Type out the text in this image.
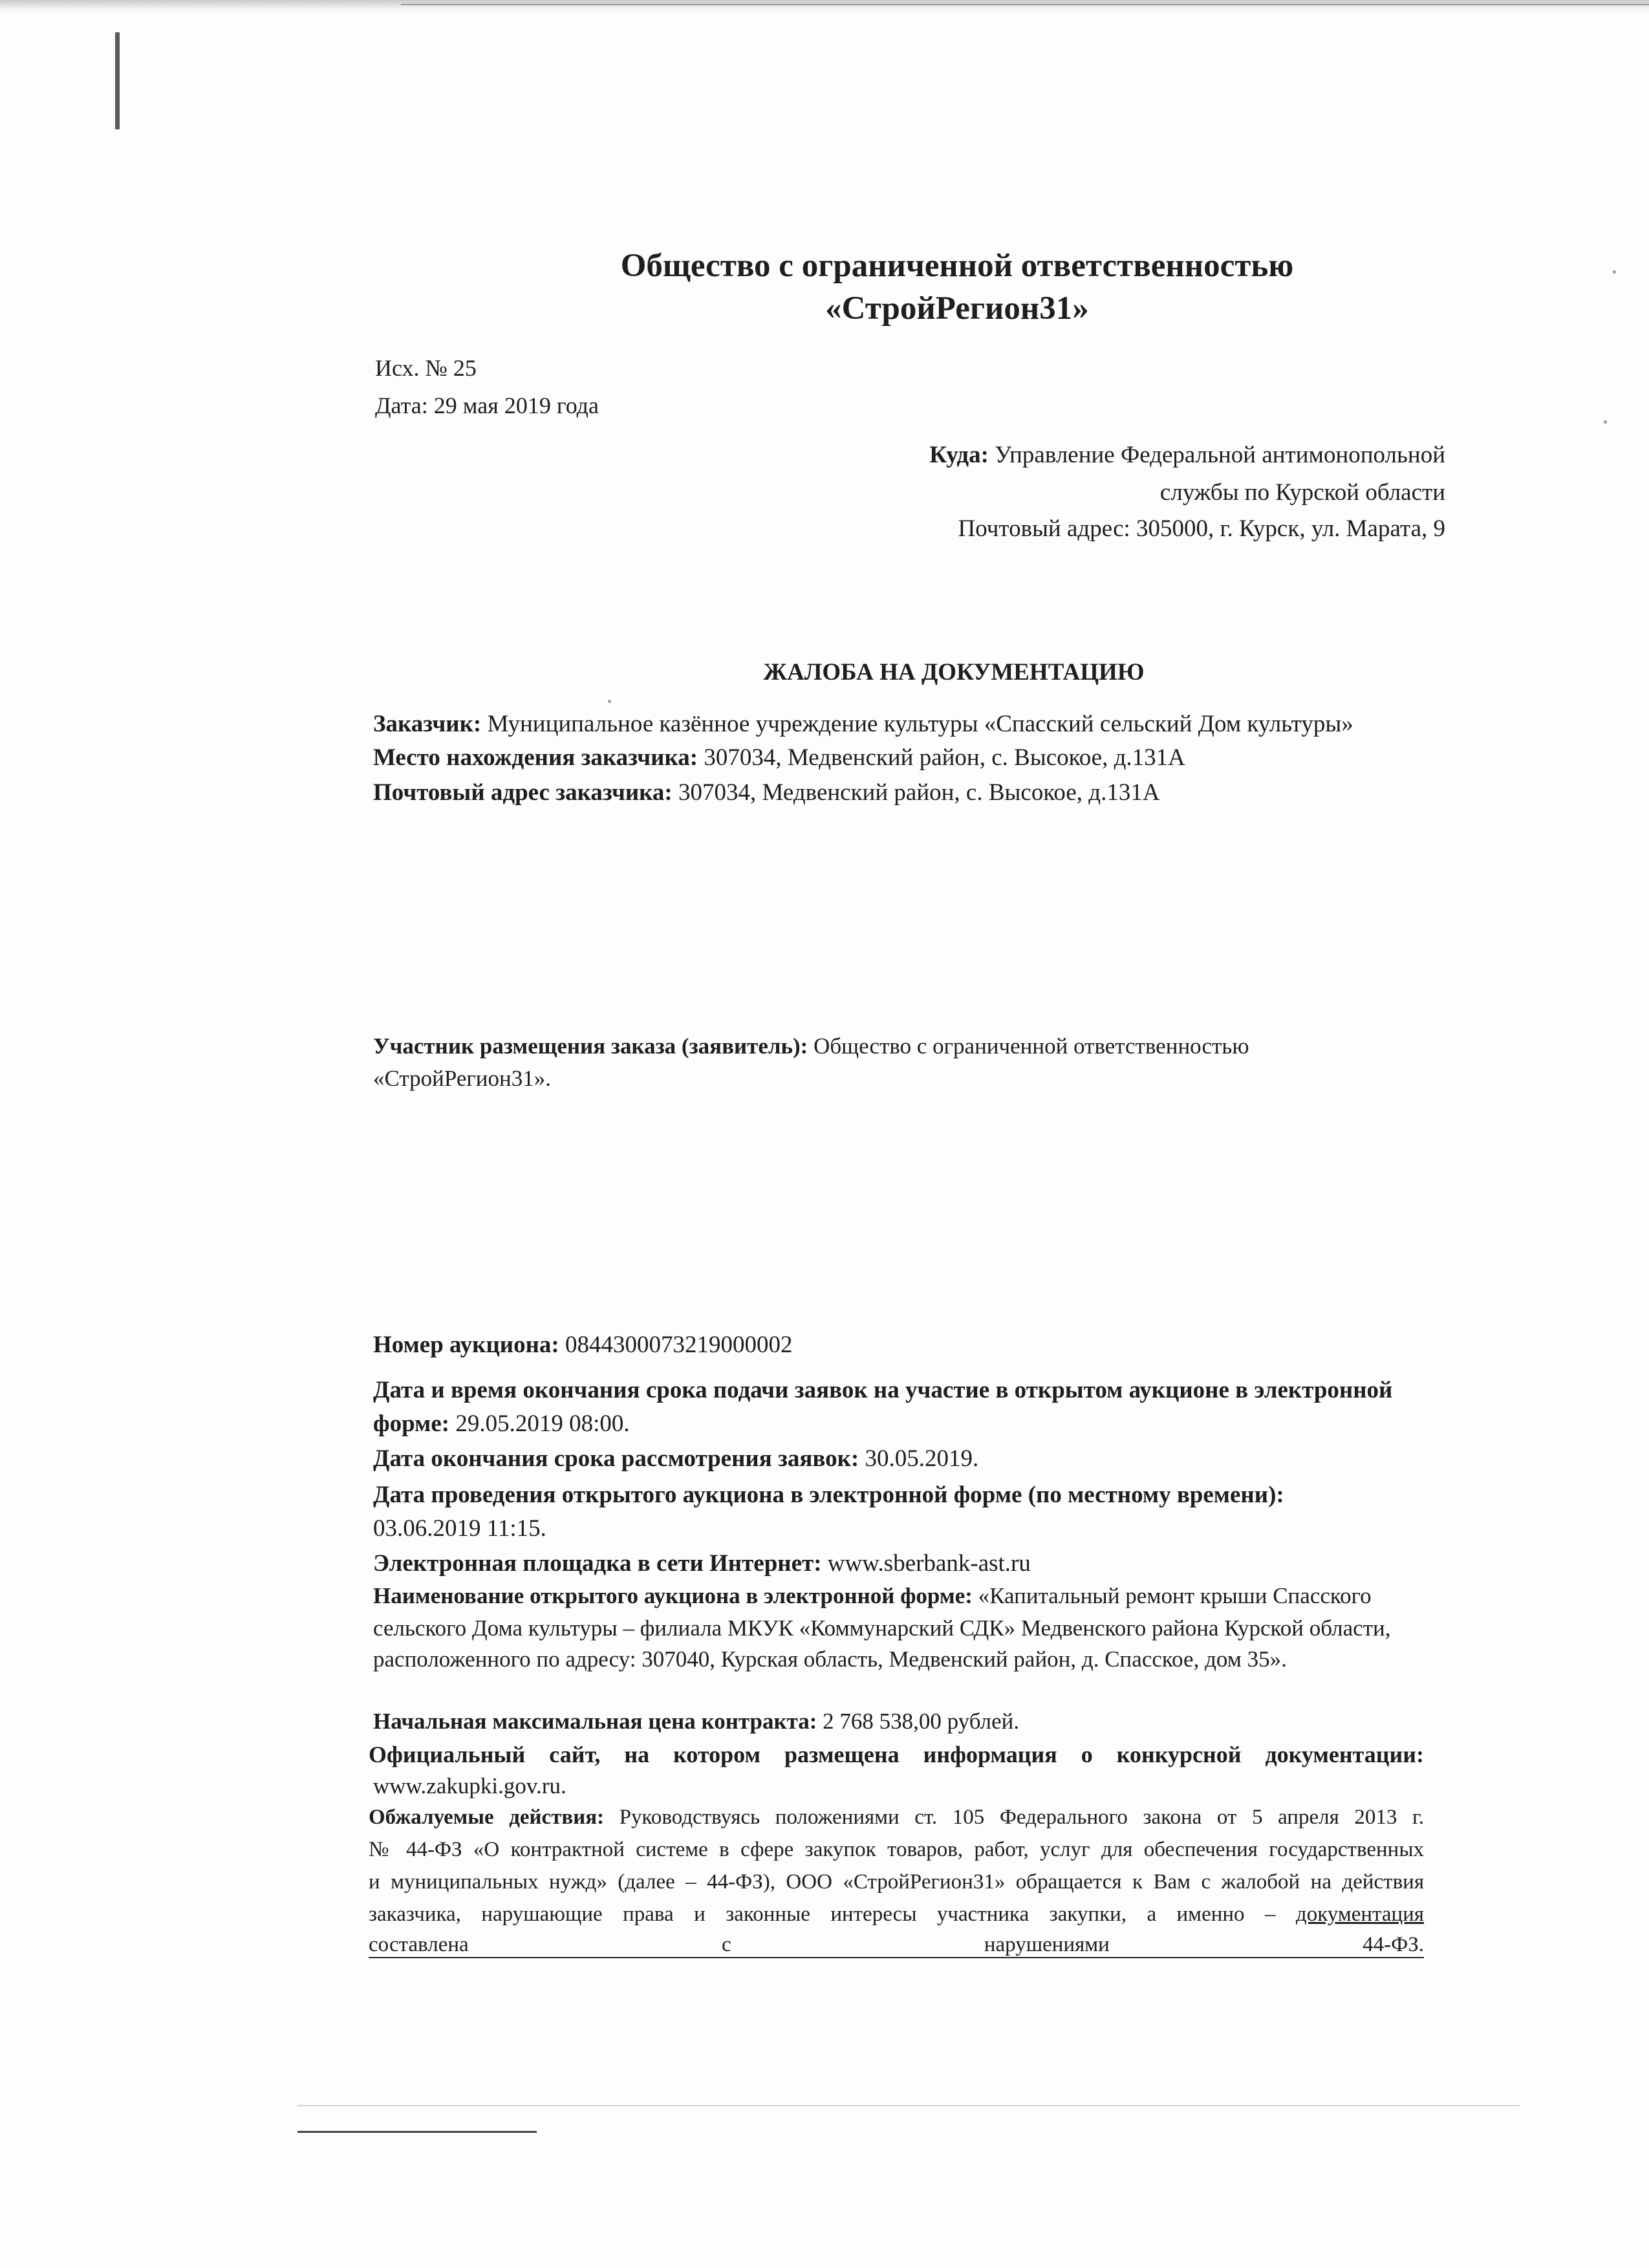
Общество с ограниченной ответственностью
«СтройРегион31»
Исх. № 25
Дата: 29 мая 2019 года
Куда: Управление Федеральной антимонопольной
службы по Курской области
Почтовый адрес: 305000, г. Курск, ул. Марата, 9
ЖАЛОБА НА ДОКУМЕНТАЦИЮ
Заказчик: Муниципальное казённое учреждение культуры «Спасский сельский Дом культуры»
Место нахождения заказчика: 307034, Медвенский район, с. Высокое, д.131А
Почтовый адрес заказчика: 307034, Медвенский район, с. Высокое, д.131А
Участник размещения заказа (заявитель): Общество с ограниченной ответственностью
«СтройРегион31».
Номер аукциона: 0844300073219000002
Дата и время окончания срока подачи заявок на участие в открытом аукционе в электронной
форме: 29.05.2019 08:00.
Дата окончания срока рассмотрения заявок: 30.05.2019.
Дата проведения открытого аукциона в электронной форме (по местному времени):
03.06.2019 11:15.
Электронная площадка в сети Интернет: www.sberbank-ast.ru
Наименование открытого аукциона в электронной форме: «Капитальный ремонт крыши Спасского
сельского Дома культуры – филиала МКУК «Коммунарский СДК» Медвенского района Курской области,
расположенного по адресу: 307040, Курская область, Медвенский район, д. Спасское, дом 35».
Начальная максимальная цена контракта: 2 768 538,00 рублей.
Официальный сайт, на котором размещена информация о конкурсной документации:
www.zakupki.gov.ru.
Обжалуемые действия: Руководствуясь положениями ст. 105 Федерального закона от 5 апреля 2013 г.
№ 44-ФЗ «О контрактной системе в сфере закупок товаров, работ, услуг для обеспечения государственных
и муниципальных нужд» (далее – 44-ФЗ), ООО «СтройРегион31» обращается к Вам с жалобой на действия
заказчика, нарушающие права и законные интересы участника закупки, а именно – документация
составлена	с	нарушениями	44-ФЗ.
